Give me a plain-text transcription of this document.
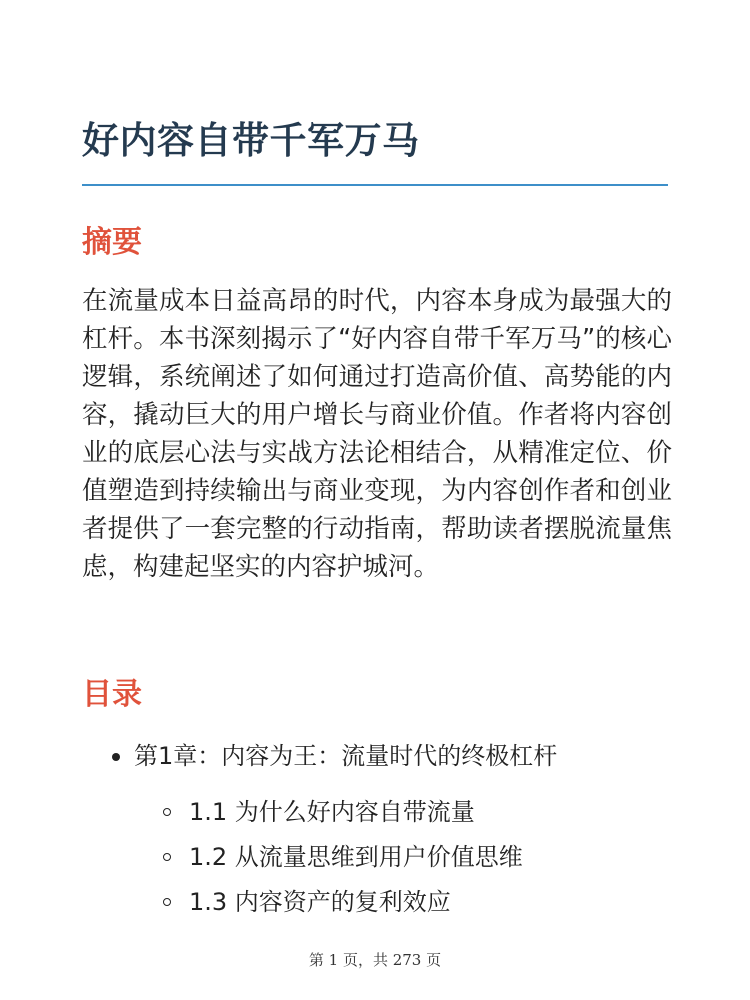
好内容自带千军万马
摘要

在流量成本日益高昂的时代，内容本身成为最强大的杠杆。本书深刻揭示了“好内容自带千军万马”的核心逻辑，系统阐述了如何通过打造高价值、高势能的内容，撬动巨大的用户增长与商业价值。作者将内容创业的底层心法与实战方法论相结合，从精准定位、价值塑造到持续输出与商业变现，为内容创作者和创业者提供了一套完整的行动指南，帮助读者摆脱流量焦虑，构建起坚实的内容护城河。

目录
第1章：内容为王：流量时代的终极杠杆
1.1 为什么好内容自带流量
1.2 从流量思维到用户价值思维
1.3 内容资产的复利效应
第 1 页，共 273 页
